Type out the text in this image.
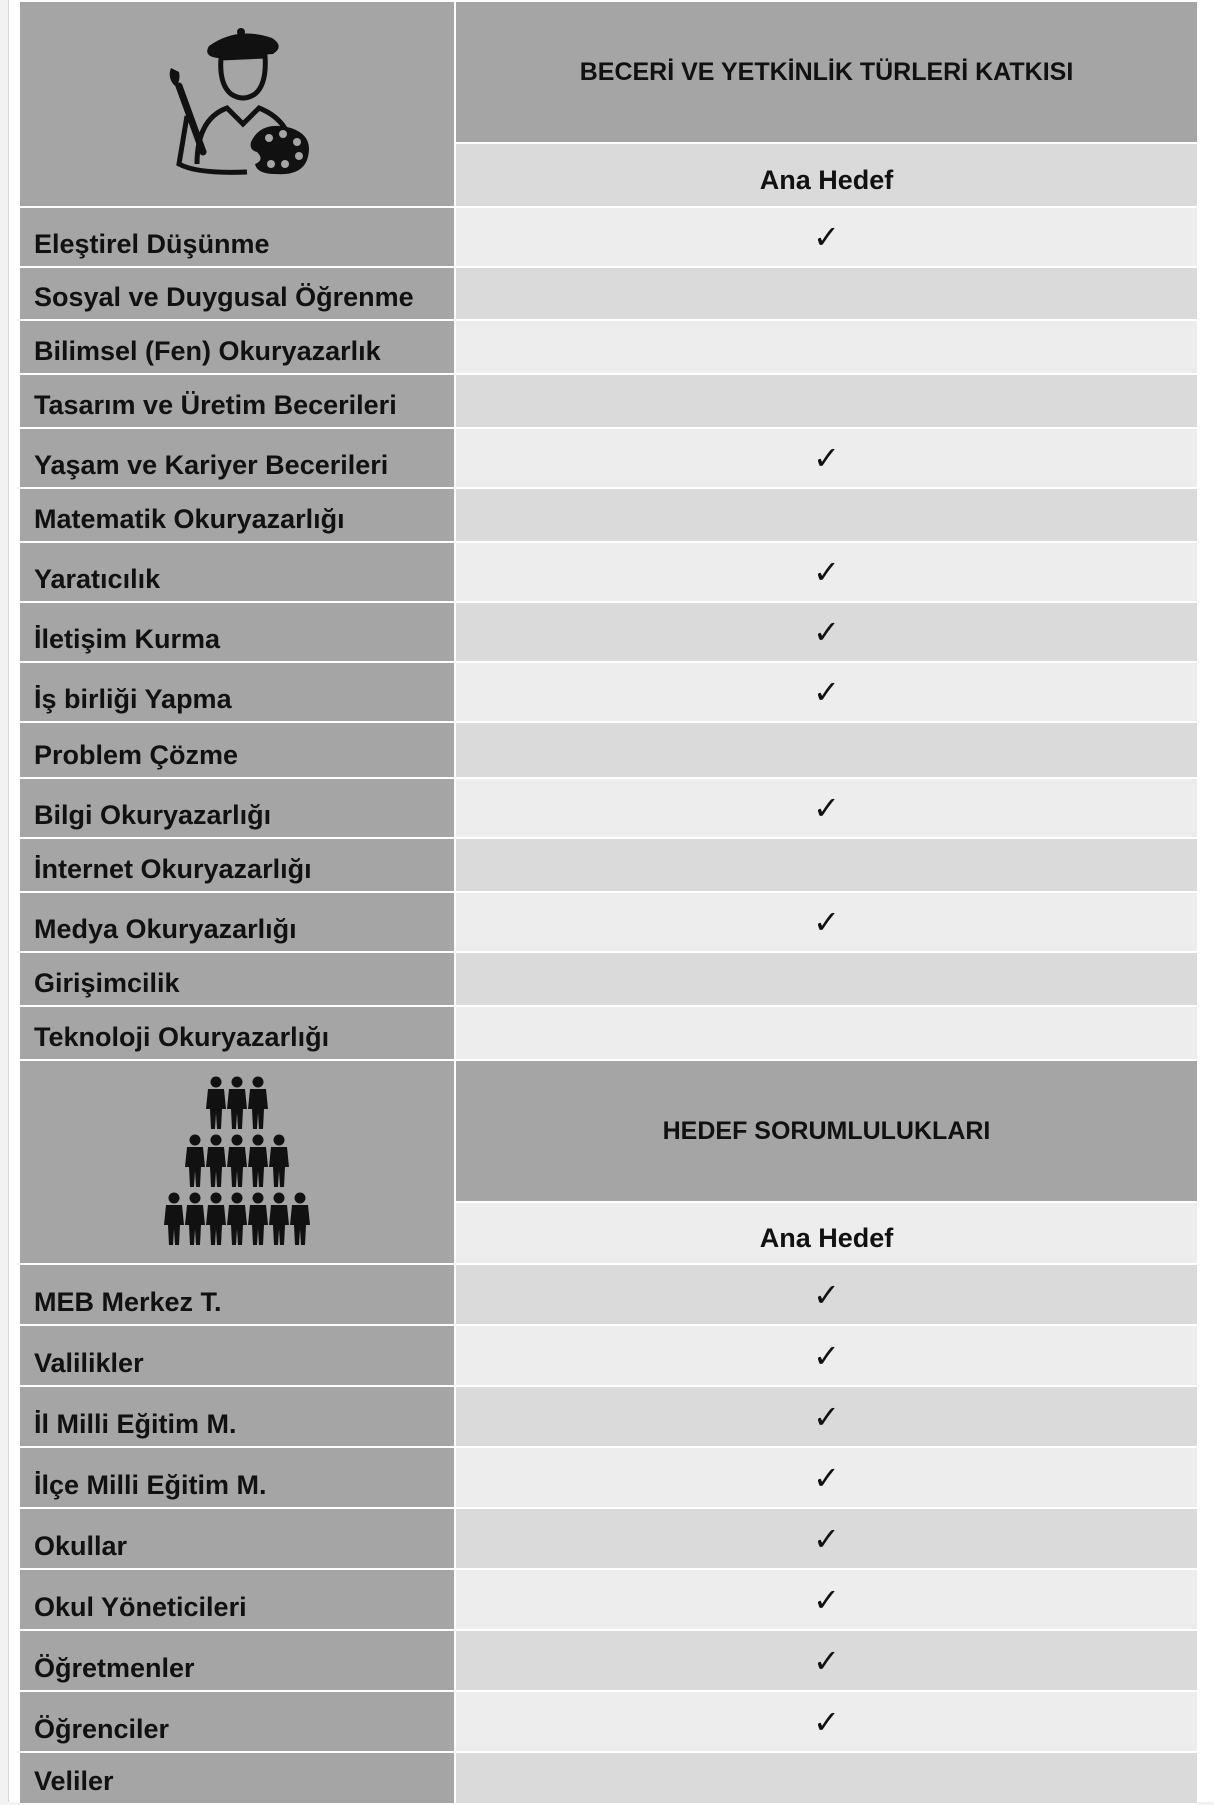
BECERİ VE YETKİNLİK TÜRLERİ KATKISI
Ana Hedef
Eleştirel Düşünme	✓
Sosyal ve Duygusal Öğrenme
Bilimsel (Fen) Okuryazarlık
Tasarım ve Üretim Becerileri
Yaşam ve Kariyer Becerileri	✓
Matematik Okuryazarlığı
Yaratıcılık	✓
İletişim Kurma	✓
İş birliği Yapma	✓
Problem Çözme
Bilgi Okuryazarlığı	✓
İnternet Okuryazarlığı
Medya Okuryazarlığı	✓
Girişimcilik
Teknoloji Okuryazarlığı
HEDEF SORUMLULUKLARI
Ana Hedef
MEB Merkez T.	✓
Valilikler	✓
İl Milli Eğitim M.	✓
İlçe Milli Eğitim M.	✓
Okullar	✓
Okul Yöneticileri	✓
Öğretmenler	✓
Öğrenciler	✓
Veliler
